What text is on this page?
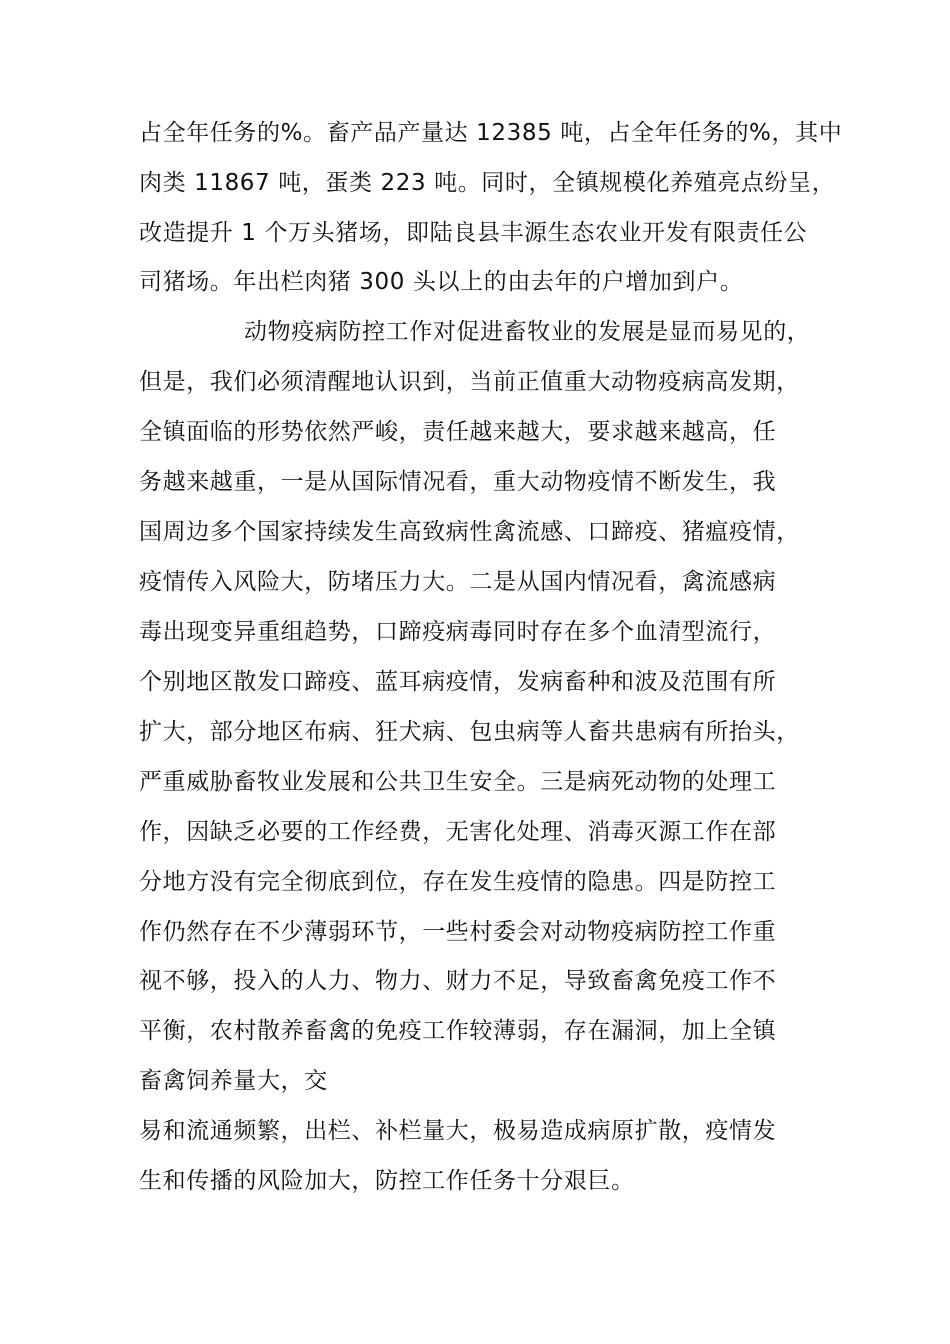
占全年任务的%。畜产品产量达 12385 吨，占全年任务的%，其中

肉类 11867 吨，蛋类 223 吨。同时，全镇规模化养殖亮点纷呈，

改造提升 1 个万头猪场，即陆良县丰源生态农业开发有限责任公

司猪场。年出栏肉猪 300 头以上的由去年的户增加到户。

动物疫病防控工作对促进畜牧业的发展是显而易见的，

但是，我们必须清醒地认识到，当前正值重大动物疫病高发期，

全镇面临的形势依然严峻，责任越来越大，要求越来越高，任

务越来越重，一是从国际情况看，重大动物疫情不断发生，我

国周边多个国家持续发生高致病性禽流感、口蹄疫、猪瘟疫情，

疫情传入风险大，防堵压力大。二是从国内情况看，禽流感病

毒出现变异重组趋势，口蹄疫病毒同时存在多个血清型流行，

个别地区散发口蹄疫、蓝耳病疫情，发病畜种和波及范围有所

扩大，部分地区布病、狂犬病、包虫病等人畜共患病有所抬头，

严重威胁畜牧业发展和公共卫生安全。三是病死动物的处理工

作，因缺乏必要的工作经费，无害化处理、消毒灭源工作在部

分地方没有完全彻底到位，存在发生疫情的隐患。四是防控工

作仍然存在不少薄弱环节，一些村委会对动物疫病防控工作重

视不够，投入的人力、物力、财力不足，导致畜禽免疫工作不

平衡，农村散养畜禽的免疫工作较薄弱，存在漏洞，加上全镇

畜禽饲养量大，交

易和流通频繁，出栏、补栏量大，极易造成病原扩散，疫情发

生和传播的风险加大，防控工作任务十分艰巨。
